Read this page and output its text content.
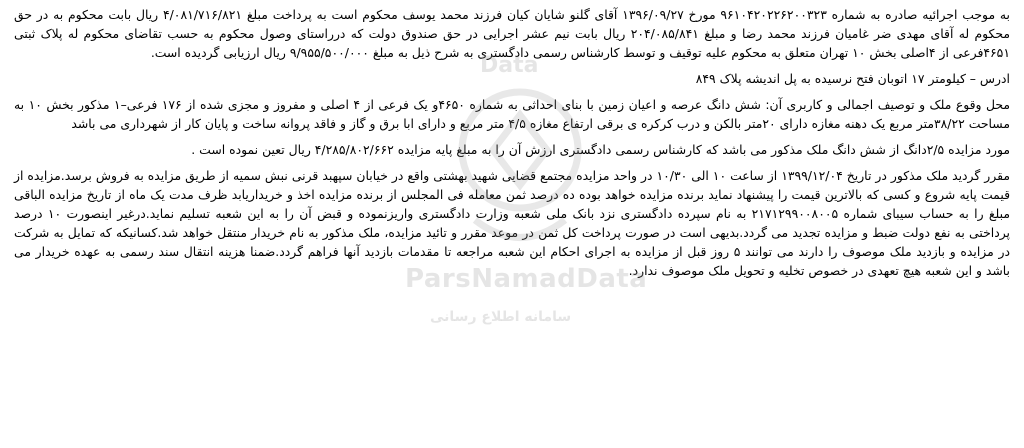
Data
ParsNamadData
سامانه اطلاع رسانی

به موجب اجرائیه صادره به شماره ۹۶۱۰۴۲۰۲۲۶۲۰۰۳۲۳ مورخ ۱۳۹۶/۰۹/۲۷ آقای گلنو شایان کیان فرزند محمد یوسف محکوم است به پرداخت مبلغ ۴/۰۸۱/۷۱۶/۸۲۱ ریال بابت محکوم به در حق محکوم له آقای مهدی ضر غامیان فرزند محمد رضا و مبلغ ۲۰۴/۰۸۵/۸۴۱ ریال بابت نیم عشر اجرایی در حق صندوق دولت که درراستای وصول محکوم به حسب تقاضای محکوم له پلاک ثبتی ۴۶۵۱فرعی از ۴اصلی بخش ۱۰ تهران متعلق به محکوم علیه توقیف و توسط کارشناس رسمی دادگستری به شرح ذیل به مبلغ ۹/۹۵۵/۵۰۰/۰۰۰ ریال ارزیابی گردیده است.

ادرس – کیلومتر ۱۷ اتوبان فتح نرسیده به پل اندیشه پلاک ۸۴۹

محل وقوع ملک و توصیف اجمالی و کاربری آن: شش دانگ عرصه و اعیان زمین با بنای احداثی به شماره ۴۶۵۰و یک فرعی از ۴ اصلی و مفروز و مجزی شده از ۱۷۶ فرعی–۱ مذکور بخش ۱۰ به مساحت ۳۸/۲۲متر مربع یک دهنه مغازه دارای ۲۰متر بالکن و درب کرکره ی برقی ارتفاع مغازه ۴/۵ متر مربع و دارای ابا برق و گاز و فاقد پروانه ساخت و پایان کار از شهرداری می باشد

مورد مزایده ۲/۵دانگ از شش دانگ ملک مذکور می باشد که کارشناس رسمی دادگستری ارزش آن را به مبلغ پایه مزایده ۴/۲۸۵/۸۰۲/۶۶۲ ریال تعین نموده است .

مقرر گردید ملک مذکور در تاریخ ۱۳۹۹/۱۲/۰۴ از ساعت ۱۰ الی ۱۰/۳۰ در واحد مزایده مجتمع قضایی شهید بهشتی واقع در خیابان سپهبد قرنی نبش سمیه از طریق مزایده به فروش برسد.مزایده از قیمت پایه شروع و کسی که بالاترین قیمت را پیشنهاد نماید برنده مزایده خواهد بوده ده درصد ثمن معامله فی المجلس از برنده مزایده اخذ و خریداریابد ظرف مدت یک ماه از تاریخ مزایده الباقی مبلغ را به حساب سیبای شماره ۲۱۷۱۲۹۹۰۰۸۰۰۵ به نام سپرده دادگستری نزد بانک ملی شعبه وزارت دادگستری واریزنموده و قبض آن را به این شعبه تسلیم نماید.درغیر اینصورت ۱۰ درصد پرداختی به نفع دولت ضبط و مزایده تجدید می گردد.بدیهی است در صورت پرداخت کل ثمن در موعد مقرر و تائید مزایده، ملک مذکور به نام خریدار منتقل خواهد شد.کسانیکه که تمایل به شرکت در مزایده و بازدید ملک موصوف را دارند می توانند ۵ روز قبل از مزایده به اجرای احکام این شعبه مراجعه تا مقدمات بازدید آنها فراهم گردد.ضمنا هزینه انتقال سند رسمی به عهده خریدار می باشد و این شعبه هیچ تعهدی در خصوص تخلیه و تحویل ملک موصوف ندارد.
